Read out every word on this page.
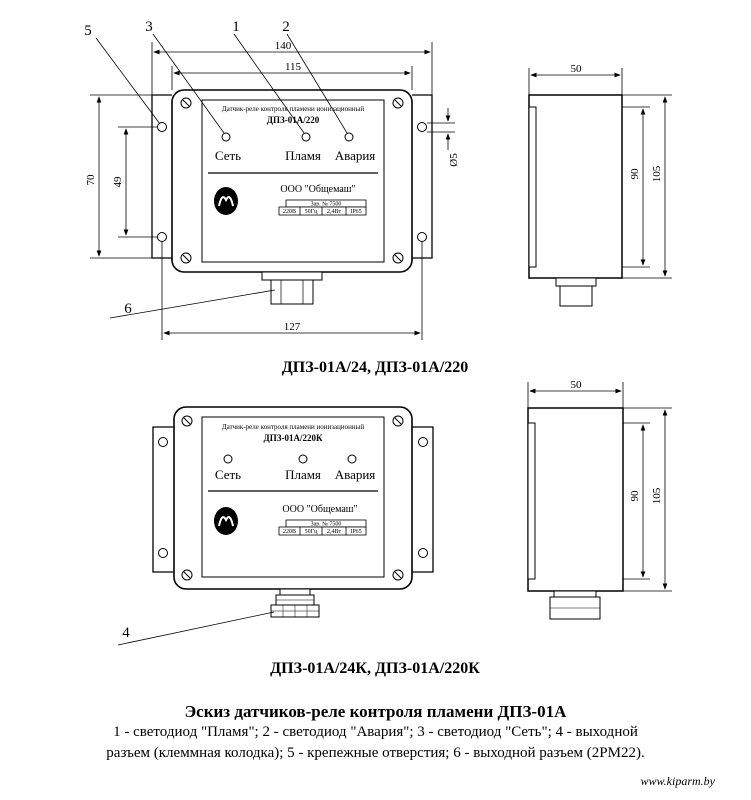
Датчик-реле контроля пламени ионизационный
ДПЗ-01А/220
Сеть	Пламя Авария
ООО "Общемаш"
Зав. № 7500
220В 50Гц 2,4Вт IP65
140
115
70 49
127
Ø5
5	3	1	2
6
ДПЗ-01А/24, ДПЗ-01А/220
50
90 105
Датчик-реле контроля пламени ионизационный
ДПЗ-01А/220К
Сеть	Пламя Авария
ООО "Общемаш"
Зав. № 7500
220В 50Гц 2,4Вт IP65
4
ДПЗ-01А/24К, ДПЗ-01А/220К
50
90 105
Эскиз датчиков-реле контроля пламени ДПЗ-01А
1 - светодиод "Пламя"; 2 - светодиод "Авария"; 3 - светодиод "Сеть"; 4 - выходной
разъем (клеммная колодка); 5 - крепежные отверстия; 6 - выходной разъем (2РМ22).
www.kiparm.by
